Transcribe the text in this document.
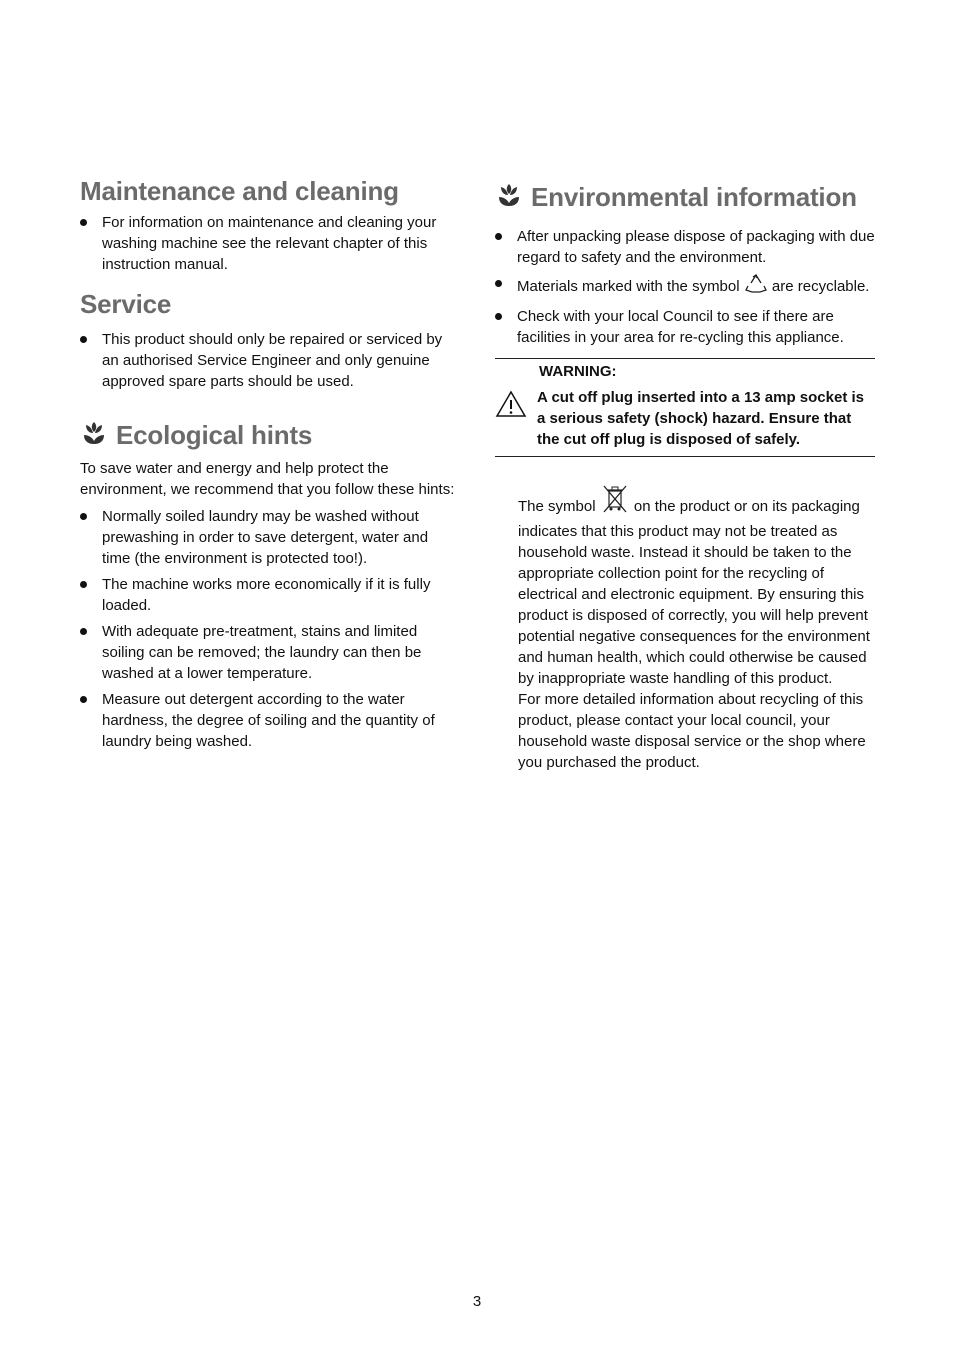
Maintenance and cleaning
For information on maintenance and cleaning your washing machine see the relevant chapter of this instruction manual.
Service
This product should only be repaired or serviced by an authorised Service Engineer and only genuine approved spare parts should be used.
Ecological hints

To save water and energy and help protect the environment, we recommend that you follow these hints:

Normally soiled laundry may be washed without prewashing in order to save detergent, water and time (the environment is protected too!).
The machine works more economically if it is fully loaded.
With adequate pre-treatment, stains and limited soiling can be removed; the laundry can then be washed at a lower temperature.
Measure out detergent according to the water hardness, the degree of soiling and the quantity of laundry being washed.
Environmental information
After unpacking please dispose of packaging with due regard to safety and the environment.
Materials marked with the symbol are recyclable.
Check with your local Council to see if there are facilities in your area for re-cycling this appliance.
WARNING:
A cut off plug inserted into a 13 amp socket is a serious safety (shock) hazard. Ensure that the cut off plug is disposed of safely.

The symbol	on the product or on its packaging indicates that this product may not be treated as household waste. Instead it should be taken to the appropriate collection point for the recycling of electrical and electronic equipment. By ensuring this product is disposed of correctly, you will help prevent potential negative consequences for the environment and human health, which could otherwise be caused by inappropriate waste handling of this product.

For more detailed information about recycling of this product, please contact your local council, your household waste disposal service or the shop where you purchased the product.

3
